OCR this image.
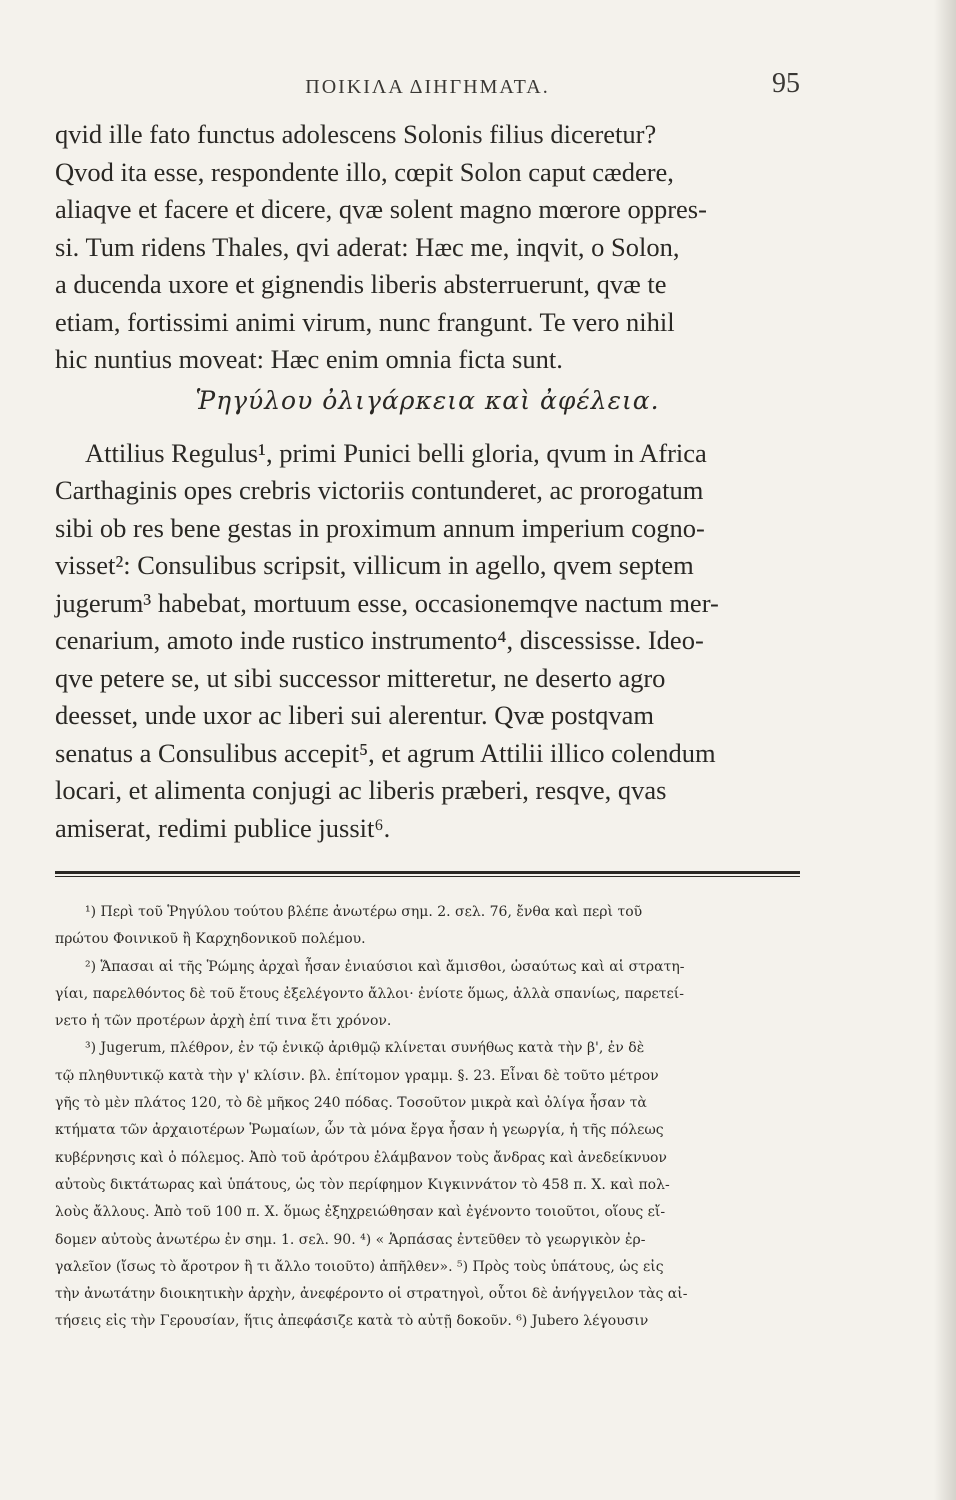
ΠΟΙΚΙΛΑ ΔΙΗΓΗΜΑΤΑ.	95
qvid ille fato functus adolescens Solonis filius diceretur?
Qvod ita esse, respondente illo, cœpit Solon caput cædere,
aliaqve et facere et dicere, qvæ solent magno mœrore oppres-
si. Tum ridens Thales, qvi aderat: Hæc me, inqvit, o Solon,
a ducenda uxore et gignendis liberis absterruerunt, qvæ te
etiam, fortissimi animi virum, nunc frangunt. Te vero nihil
hic nuntius moveat: Hæc enim omnia ficta sunt.
Ῥηγύλου ὀλιγάρκεια καὶ ἀφέλεια.
Attilius Regulus¹, primi Punici belli gloria, qvum in Africa
Carthaginis opes crebris victoriis contunderet, ac prorogatum
sibi ob res bene gestas in proximum annum imperium cogno-
visset²: Consulibus scripsit, villicum in agello, qvem septem
jugerum³ habebat, mortuum esse, occasionemqve nactum mer-
cenarium, amoto inde rustico instrumento⁴, discessisse. Ideo-
qve petere se, ut sibi successor mitteretur, ne deserto agro
deesset, unde uxor ac liberi sui alerentur. Qvæ postqvam
senatus a Consulibus accepit⁵, et agrum Attilii illico colendum
locari, et alimenta conjugi ac liberis præberi, resqve, qvas
amiserat, redimi publice jussit⁶.
¹) Περὶ τοῦ Ῥηγύλου τούτου βλέπε ἀνωτέρω σημ. 2. σελ. 76, ἔνθα καὶ περὶ τοῦ
πρώτου Φοινικοῦ ἢ Καρχηδονικοῦ πολέμου.
²) Ἅπασαι αἱ τῆς Ῥώμης ἀρχαὶ ἦσαν ἐνιαύσιοι καὶ ἄμισθοι, ὡσαύτως καὶ αἱ στρατη-
γίαι, παρελθόντος δὲ τοῦ ἔτους ἐξελέγοντο ἄλλοι· ἐνίοτε ὅμως, ἀλλὰ σπανίως, παρετεί-
νετο ἡ τῶν προτέρων ἀρχὴ ἐπί τινα ἔτι χρόνον.
³) Jugerum, πλέθρον, ἐν τῷ ἑνικῷ ἀριθμῷ κλίνεται συνήθως κατὰ τὴν β', ἐν δὲ
τῷ πληθυντικῷ κατὰ τὴν γ' κλίσιν. βλ. ἐπίτομον γραμμ. §. 23. Εἶναι δὲ τοῦτο μέτρον
γῆς τὸ μὲν πλάτος 120, τὸ δὲ μῆκος 240 πόδας. Τοσοῦτον μικρὰ καὶ ὀλίγα ἦσαν τὰ
κτήματα τῶν ἀρχαιοτέρων Ῥωμαίων, ὧν τὰ μόνα ἔργα ἦσαν ἡ γεωργία, ἡ τῆς πόλεως
κυβέρνησις καὶ ὁ πόλεμος. Ἀπὸ τοῦ ἀρότρου ἐλάμβανον τοὺς ἄνδρας καὶ ἀνεδείκνυον
αὐτοὺς δικτάτωρας καὶ ὑπάτους, ὡς τὸν περίφημον Κιγκιννάτον τὸ 458 π. Χ. καὶ πολ-
λοὺς ἄλλους. Ἀπὸ τοῦ 100 π. Χ. ὅμως ἐξηχρειώθησαν καὶ ἐγένοντο τοιοῦτοι, οἵους εἴ-
δομεν αὐτοὺς ἀνωτέρω ἐν σημ. 1. σελ. 90. ⁴) « Ἁρπάσας ἐντεῦθεν τὸ γεωργικὸν ἐρ-
γαλεῖον (ἴσως τὸ ἄροτρον ἢ τι ἄλλο τοιοῦτο) ἀπῆλθεν». ⁵) Πρὸς τοὺς ὑπάτους, ὡς εἰς
τὴν ἀνωτάτην διοικητικὴν ἀρχὴν, ἀνεφέροντο οἱ στρατηγοὶ, οὗτοι δὲ ἀνήγγειλον τὰς αἰ-
τήσεις εἰς τὴν Γερουσίαν, ἥτις ἀπεφάσιζε κατὰ τὸ αὐτῇ δοκοῦν. ⁶) Jubero λέγουσιν
